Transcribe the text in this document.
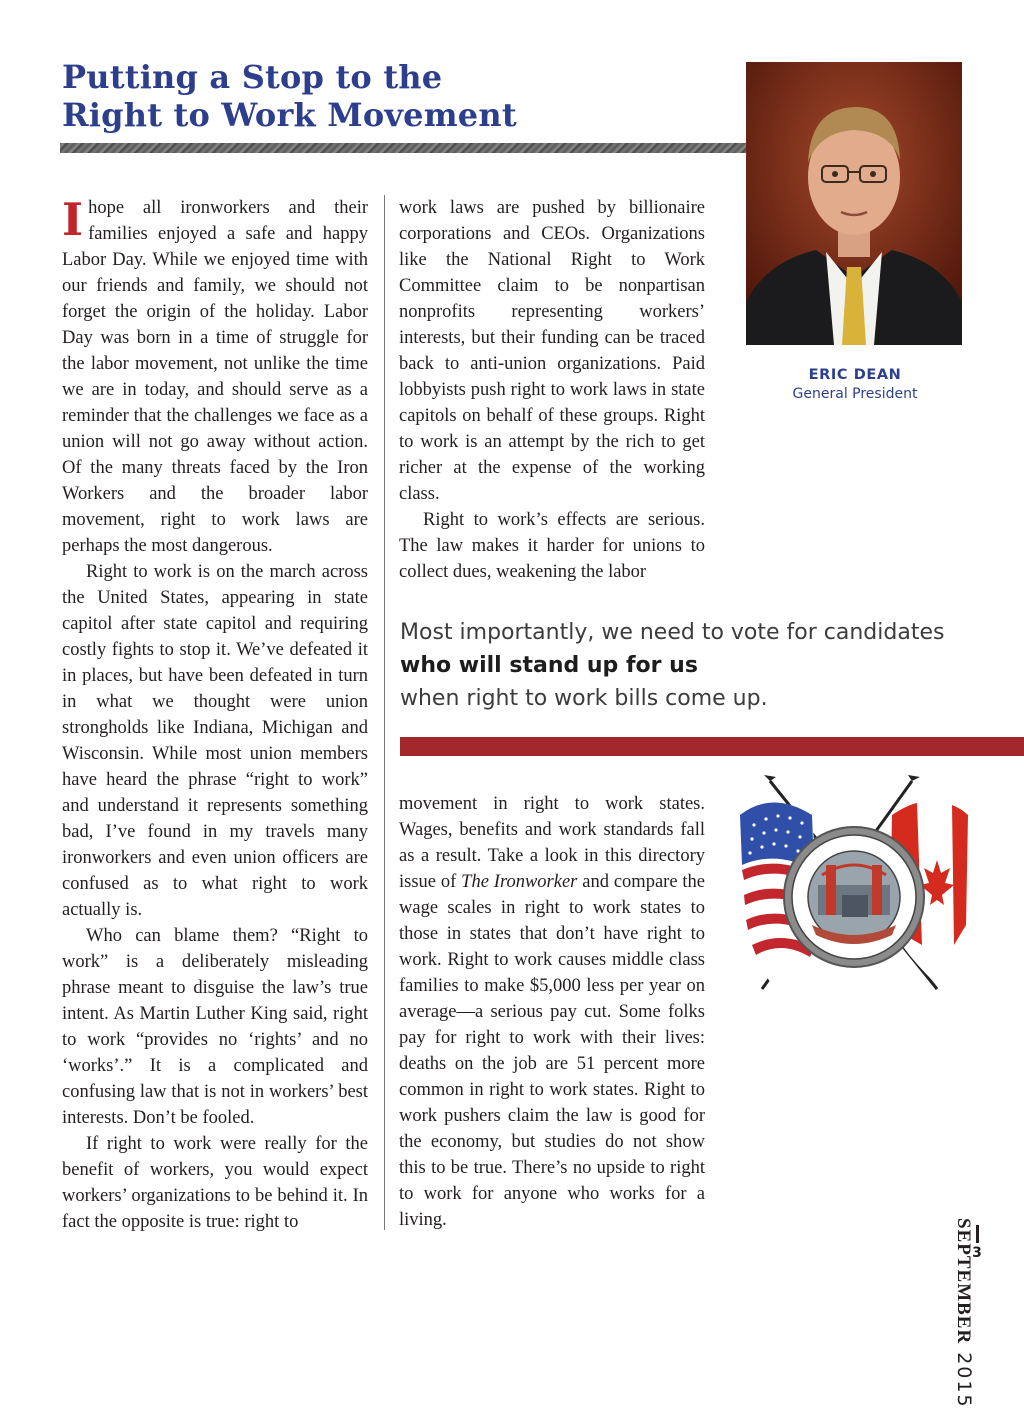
Putting a Stop to the
Right to Work Movement
ERIC DEAN
General President

Ihope all ironworkers and their families enjoyed a safe and happy Labor Day. While we enjoyed time with our friends and family, we should not forget the origin of the holiday. Labor Day was born in a time of struggle for the labor movement, not unlike the time we are in today, and should serve as a reminder that the challenges we face as a union will not go away without action. Of the many threats faced by the Iron Workers and the broader labor movement, right to work laws are perhaps the most dangerous.

Right to work is on the march across the United States, appearing in state capitol after state capitol and requiring costly fights to stop it. We’ve defeated it in places, but have been defeated in turn in what we thought were union strongholds like Indiana, Michigan and Wisconsin. While most union members have heard the phrase “right to work” and understand it represents something bad, I’ve found in my travels many ironworkers and even union officers are confused as to what right to work actually is.

Who can blame them? “Right to work” is a deliberately misleading phrase meant to disguise the law’s true intent. As Martin Luther King said, right to work “provides no ‘rights’ and no ‘works’.” It is a complicated and confusing law that is not in workers’ best interests. Don’t be fooled.

If right to work were really for the benefit of workers, you would expect workers’ organizations to be behind it. In fact the opposite is true: right to

work laws are pushed by billionaire corporations and CEOs. Organizations like the National Right to Work Committee claim to be nonpartisan nonprofits representing workers’ interests, but their funding can be traced back to anti-union organizations. Paid lobbyists push right to work laws in state capitols on behalf of these groups. Right to work is an attempt by the rich to get richer at the expense of the working class.

Right to work’s effects are serious. The law makes it harder for unions to collect dues, weakening the labor

Most importantly, we need to vote for candidates who will stand up for us
when right to work bills come up.

movement in right to work states. Wages, benefits and work standards fall as a result. Take a look in this directory issue of The Ironworker and compare the wage scales in right to work states to those in states that don’t have right to work. Right to work causes middle class families to make $5,000 less per year on average—a serious pay cut. Some folks pay for right to work with their lives: deaths on the job are 51 percent more common in right to work states. Right to work pushers claim the law is good for the economy, but studies do not show this to be true. There’s no upside to right to work for anyone who works for a living.	SEPTEMBER2015
3
